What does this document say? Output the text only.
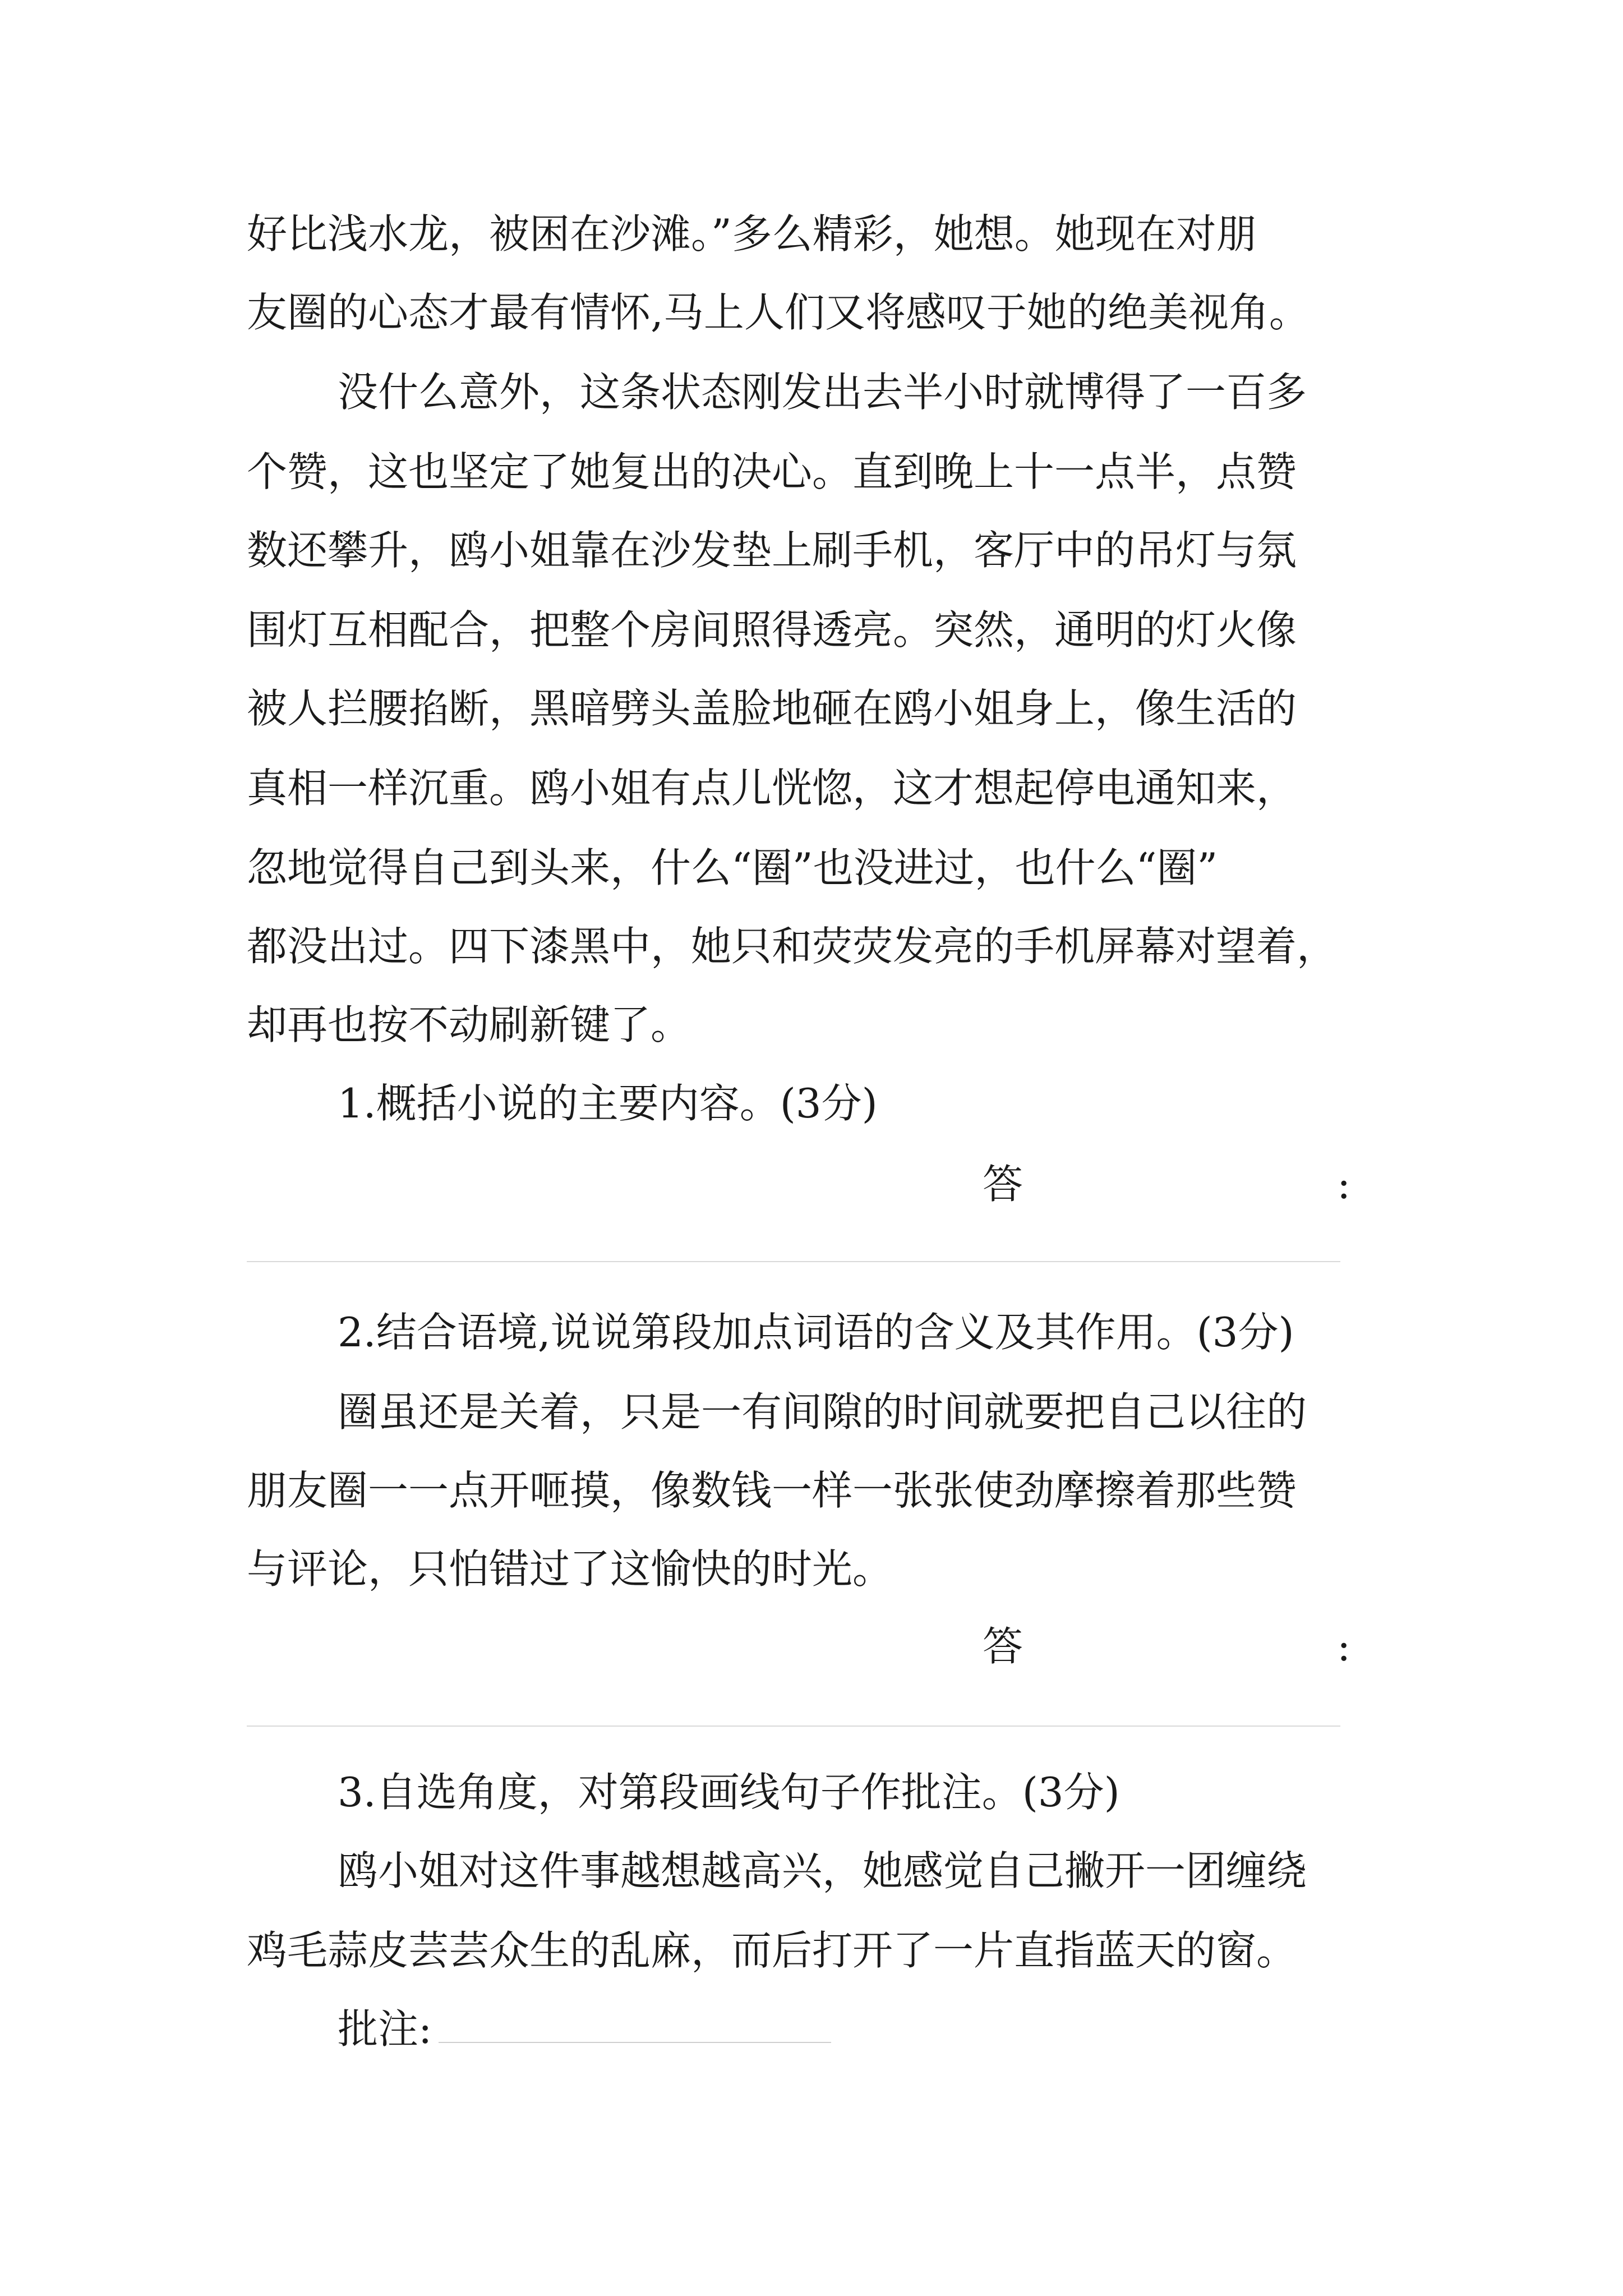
好比浅水龙，被困在沙滩。”多么精彩，她想。她现在对朋
友圈的心态才最有情怀,马上人们又将感叹于她的绝美视角。
没什么意外，这条状态刚发出去半小时就博得了一百多
个赞，这也坚定了她复出的决心。直到晚上十一点半，点赞
数还攀升，鸥小姐靠在沙发垫上刷手机，客厅中的吊灯与氛
围灯互相配合，把整个房间照得透亮。突然，通明的灯火像
被人拦腰掐断，黑暗劈头盖脸地砸在鸥小姐身上，像生活的
真相一样沉重。鸥小姐有点儿恍惚，这才想起停电通知来，
忽地觉得自己到头来，什么“圈”也没进过，也什么“圈”
都没出过。四下漆黑中，她只和荧荧发亮的手机屏幕对望着，
却再也按不动刷新键了。
1.概括小说的主要内容。(3分)
答	:
2.结合语境,说说第段加点词语的含义及其作用。(3分)
圈虽还是关着，只是一有间隙的时间就要把自己以往的
朋友圈一一点开咂摸，像数钱一样一张张使劲摩擦着那些赞
与评论，只怕错过了这愉快的时光。
答	:
3.自选角度，对第段画线句子作批注。(3分)
鸥小姐对这件事越想越高兴，她感觉自己撇开一团缠绕
鸡毛蒜皮芸芸众生的乱麻，而后打开了一片直指蓝天的窗。
批注:
